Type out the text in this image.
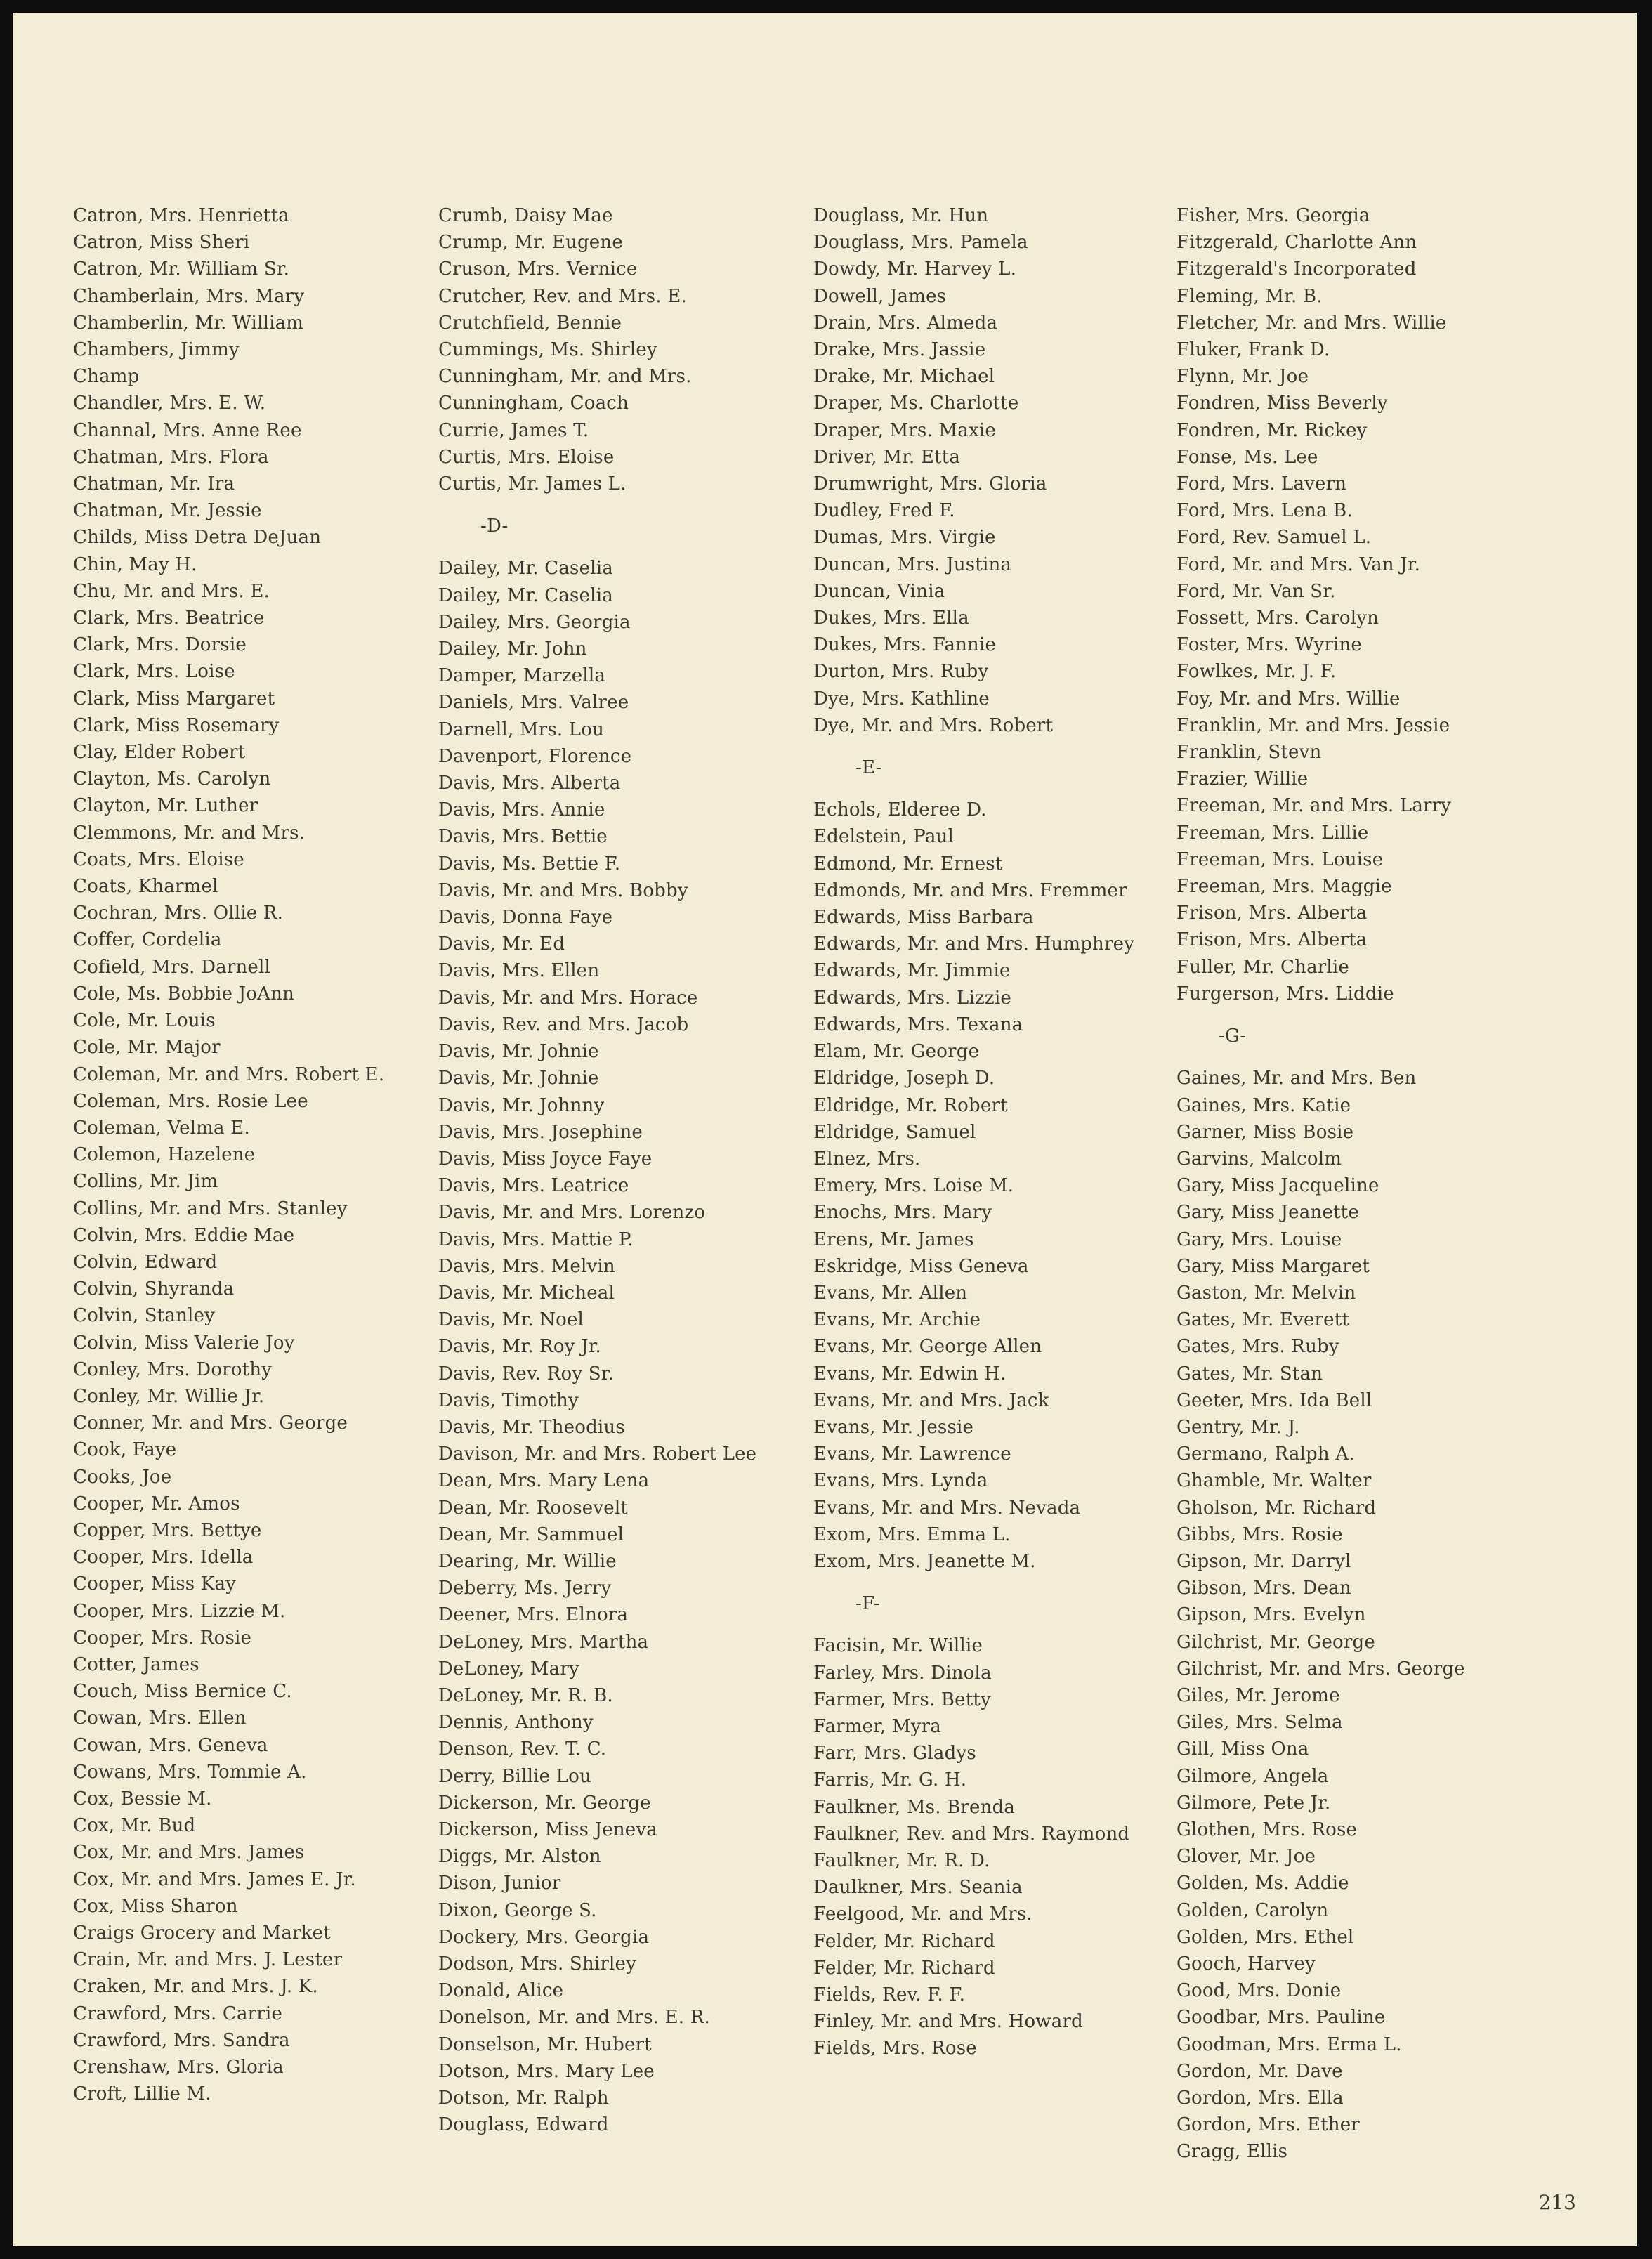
Catron, Mrs. Henrietta
Catron, Miss Sheri
Catron, Mr. William Sr.
Chamberlain, Mrs. Mary
Chamberlin, Mr. William
Chambers, Jimmy
Champ
Chandler, Mrs. E. W.
Channal, Mrs. Anne Ree
Chatman, Mrs. Flora
Chatman, Mr. Ira
Chatman, Mr. Jessie
Childs, Miss Detra DeJuan
Chin, May H.
Chu, Mr. and Mrs. E.
Clark, Mrs. Beatrice
Clark, Mrs. Dorsie
Clark, Mrs. Loise
Clark, Miss Margaret
Clark, Miss Rosemary
Clay, Elder Robert
Clayton, Ms. Carolyn
Clayton, Mr. Luther
Clemmons, Mr. and Mrs.
Coats, Mrs. Eloise
Coats, Kharmel
Cochran, Mrs. Ollie R.
Coffer, Cordelia
Cofield, Mrs. Darnell
Cole, Ms. Bobbie JoAnn
Cole, Mr. Louis
Cole, Mr. Major
Coleman, Mr. and Mrs. Robert E.
Coleman, Mrs. Rosie Lee
Coleman, Velma E.
Colemon, Hazelene
Collins, Mr. Jim
Collins, Mr. and Mrs. Stanley
Colvin, Mrs. Eddie Mae
Colvin, Edward
Colvin, Shyranda
Colvin, Stanley
Colvin, Miss Valerie Joy
Conley, Mrs. Dorothy
Conley, Mr. Willie Jr.
Conner, Mr. and Mrs. George
Cook, Faye
Cooks, Joe
Cooper, Mr. Amos
Copper, Mrs. Bettye
Cooper, Mrs. Idella
Cooper, Miss Kay
Cooper, Mrs. Lizzie M.
Cooper, Mrs. Rosie
Cotter, James
Couch, Miss Bernice C.
Cowan, Mrs. Ellen
Cowan, Mrs. Geneva
Cowans, Mrs. Tommie A.
Cox, Bessie M.
Cox, Mr. Bud
Cox, Mr. and Mrs. James
Cox, Mr. and Mrs. James E. Jr.
Cox, Miss Sharon
Craigs Grocery and Market
Crain, Mr. and Mrs. J. Lester
Craken, Mr. and Mrs. J. K.
Crawford, Mrs. Carrie
Crawford, Mrs. Sandra
Crenshaw, Mrs. Gloria
Croft, Lillie M.
Crumb, Daisy Mae
Crump, Mr. Eugene
Cruson, Mrs. Vernice
Crutcher, Rev. and Mrs. E.
Crutchfield, Bennie
Cummings, Ms. Shirley
Cunningham, Mr. and Mrs.
Cunningham, Coach
Currie, James T.
Curtis, Mrs. Eloise
Curtis, Mr. James L.
-D-
Dailey, Mr. Caselia
Dailey, Mr. Caselia
Dailey, Mrs. Georgia
Dailey, Mr. John
Damper, Marzella
Daniels, Mrs. Valree
Darnell, Mrs. Lou
Davenport, Florence
Davis, Mrs. Alberta
Davis, Mrs. Annie
Davis, Mrs. Bettie
Davis, Ms. Bettie F.
Davis, Mr. and Mrs. Bobby
Davis, Donna Faye
Davis, Mr. Ed
Davis, Mrs. Ellen
Davis, Mr. and Mrs. Horace
Davis, Rev. and Mrs. Jacob
Davis, Mr. Johnie
Davis, Mr. Johnie
Davis, Mr. Johnny
Davis, Mrs. Josephine
Davis, Miss Joyce Faye
Davis, Mrs. Leatrice
Davis, Mr. and Mrs. Lorenzo
Davis, Mrs. Mattie P.
Davis, Mrs. Melvin
Davis, Mr. Micheal
Davis, Mr. Noel
Davis, Mr. Roy Jr.
Davis, Rev. Roy Sr.
Davis, Timothy
Davis, Mr. Theodius
Davison, Mr. and Mrs. Robert Lee
Dean, Mrs. Mary Lena
Dean, Mr. Roosevelt
Dean, Mr. Sammuel
Dearing, Mr. Willie
Deberry, Ms. Jerry
Deener, Mrs. Elnora
DeLoney, Mrs. Martha
DeLoney, Mary
DeLoney, Mr. R. B.
Dennis, Anthony
Denson, Rev. T. C.
Derry, Billie Lou
Dickerson, Mr. George
Dickerson, Miss Jeneva
Diggs, Mr. Alston
Dison, Junior
Dixon, George S.
Dockery, Mrs. Georgia
Dodson, Mrs. Shirley
Donald, Alice
Donelson, Mr. and Mrs. E. R.
Donselson, Mr. Hubert
Dotson, Mrs. Mary Lee
Dotson, Mr. Ralph
Douglass, Edward
Douglass, Mr. Hun
Douglass, Mrs. Pamela
Dowdy, Mr. Harvey L.
Dowell, James
Drain, Mrs. Almeda
Drake, Mrs. Jassie
Drake, Mr. Michael
Draper, Ms. Charlotte
Draper, Mrs. Maxie
Driver, Mr. Etta
Drumwright, Mrs. Gloria
Dudley, Fred F.
Dumas, Mrs. Virgie
Duncan, Mrs. Justina
Duncan, Vinia
Dukes, Mrs. Ella
Dukes, Mrs. Fannie
Durton, Mrs. Ruby
Dye, Mrs. Kathline
Dye, Mr. and Mrs. Robert
-E-
Echols, Elderee D.
Edelstein, Paul
Edmond, Mr. Ernest
Edmonds, Mr. and Mrs. Fremmer
Edwards, Miss Barbara
Edwards, Mr. and Mrs. Humphrey
Edwards, Mr. Jimmie
Edwards, Mrs. Lizzie
Edwards, Mrs. Texana
Elam, Mr. George
Eldridge, Joseph D.
Eldridge, Mr. Robert
Eldridge, Samuel
Elnez, Mrs.
Emery, Mrs. Loise M.
Enochs, Mrs. Mary
Erens, Mr. James
Eskridge, Miss Geneva
Evans, Mr. Allen
Evans, Mr. Archie
Evans, Mr. George Allen
Evans, Mr. Edwin H.
Evans, Mr. and Mrs. Jack
Evans, Mr. Jessie
Evans, Mr. Lawrence
Evans, Mrs. Lynda
Evans, Mr. and Mrs. Nevada
Exom, Mrs. Emma L.
Exom, Mrs. Jeanette M.
-F-
Facisin, Mr. Willie
Farley, Mrs. Dinola
Farmer, Mrs. Betty
Farmer, Myra
Farr, Mrs. Gladys
Farris, Mr. G. H.
Faulkner, Ms. Brenda
Faulkner, Rev. and Mrs. Raymond
Faulkner, Mr. R. D.
Daulkner, Mrs. Seania
Feelgood, Mr. and Mrs.
Felder, Mr. Richard
Felder, Mr. Richard
Fields, Rev. F. F.
Finley, Mr. and Mrs. Howard
Fields, Mrs. Rose
Fisher, Mrs. Georgia
Fitzgerald, Charlotte Ann
Fitzgerald's Incorporated
Fleming, Mr. B.
Fletcher, Mr. and Mrs. Willie
Fluker, Frank D.
Flynn, Mr. Joe
Fondren, Miss Beverly
Fondren, Mr. Rickey
Fonse, Ms. Lee
Ford, Mrs. Lavern
Ford, Mrs. Lena B.
Ford, Rev. Samuel L.
Ford, Mr. and Mrs. Van Jr.
Ford, Mr. Van Sr.
Fossett, Mrs. Carolyn
Foster, Mrs. Wyrine
Fowlkes, Mr. J. F.
Foy, Mr. and Mrs. Willie
Franklin, Mr. and Mrs. Jessie
Franklin, Stevn
Frazier, Willie
Freeman, Mr. and Mrs. Larry
Freeman, Mrs. Lillie
Freeman, Mrs. Louise
Freeman, Mrs. Maggie
Frison, Mrs. Alberta
Frison, Mrs. Alberta
Fuller, Mr. Charlie
Furgerson, Mrs. Liddie
-G-
Gaines, Mr. and Mrs. Ben
Gaines, Mrs. Katie
Garner, Miss Bosie
Garvins, Malcolm
Gary, Miss Jacqueline
Gary, Miss Jeanette
Gary, Mrs. Louise
Gary, Miss Margaret
Gaston, Mr. Melvin
Gates, Mr. Everett
Gates, Mrs. Ruby
Gates, Mr. Stan
Geeter, Mrs. Ida Bell
Gentry, Mr. J.
Germano, Ralph A.
Ghamble, Mr. Walter
Gholson, Mr. Richard
Gibbs, Mrs. Rosie
Gipson, Mr. Darryl
Gibson, Mrs. Dean
Gipson, Mrs. Evelyn
Gilchrist, Mr. George
Gilchrist, Mr. and Mrs. George
Giles, Mr. Jerome
Giles, Mrs. Selma
Gill, Miss Ona
Gilmore, Angela
Gilmore, Pete Jr.
Glothen, Mrs. Rose
Glover, Mr. Joe
Golden, Ms. Addie
Golden, Carolyn
Golden, Mrs. Ethel
Gooch, Harvey
Good, Mrs. Donie
Goodbar, Mrs. Pauline
Goodman, Mrs. Erma L.
Gordon, Mr. Dave
Gordon, Mrs. Ella
Gordon, Mrs. Ether
Gragg, Ellis
213
